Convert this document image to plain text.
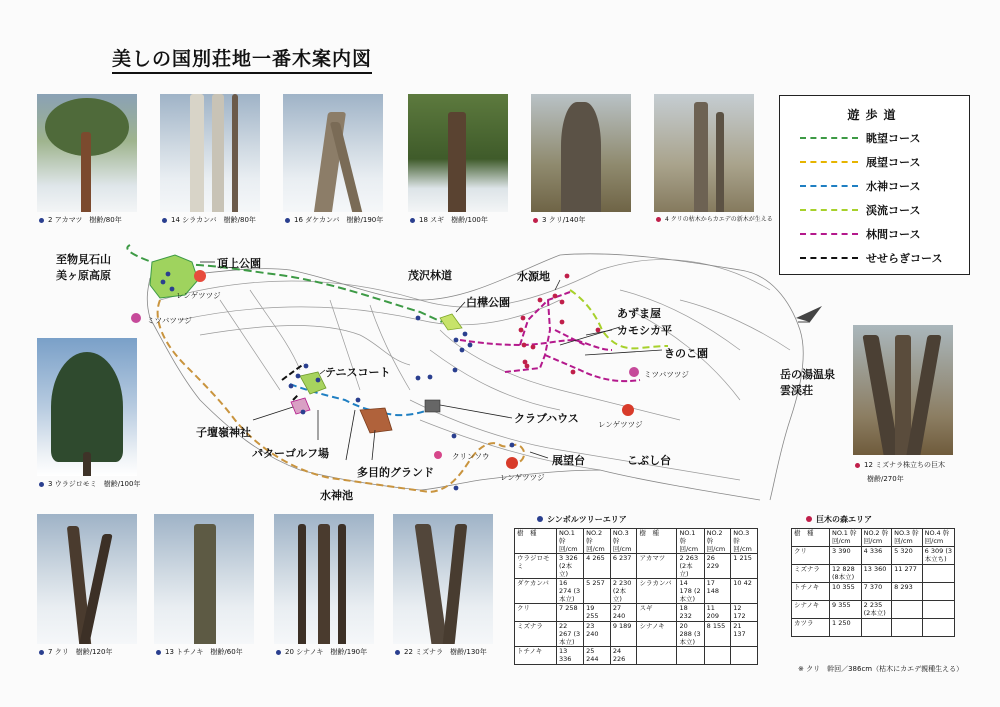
美しの国別荘地一番木案内図
2 アカマツ　樹齢/80年	14 シラカンバ　樹齢/80年	16 ダケカンバ　樹齢/190年	18 スギ　樹齢/100年	3 クリ/140年	4 クリの枯木からカエデの新木が生える
3 ウラジロモミ　樹齢/100年
12 ミズナラ株立ちの巨木
樹齢/270年
7 クリ　樹齢/120年	13 トチノキ　樹齢/60年	20 シナノキ　樹齢/190年	22 ミズナラ　樹齢/130年
遊歩道
眺望コース
展望コース
水神コース
渓流コース
林間コース
せせらぎコース
至物見石山
美ヶ原高原
頂上公園
茂沢林道
白樺公園
水源地
あずま屋
カモシカ平
きのこ園
テニスコート
子壇嶺神社
パターゴルフ場
多目的グランド
水神池
クラブハウス
展望台	こぶし台
岳の湯温泉
雲渓荘
レンゲツツジ
ミツバツツジ
レンゲツツジ
レンゲツツジ
ミツバツツジ
クリンソウ
シンボルツリーエリア
樹　種	NO.1 幹回/cm	NO.2 幹回/cm	NO.3 幹回/cm	樹　種	NO.1 幹回/cm	NO.2 幹回/cm	NO.3 幹回/cm
ウラジロモミ	3 326 (2本立)	4 265	6 237	アカマツ	2 263 (2本立)	26 229	1 215
ダケカンバ	16 274 (3本立)	5 257	2 230 (2本立)	シラカンバ	14 178 (2本立)	17 148	10 42
クリ	7 258	19 255	27 240	スギ	18 232	11 209	12 172
ミズナラ	22 267 (3本立)	23 240	9 189	シナノキ	20 288 (3本立)	8 155	21 137
トチノキ	13 336	25 244	24 226				
巨木の森エリア
樹　種	NO.1 幹回/cm	NO.2 幹回/cm	NO.3 幹回/cm	NO.4 幹回/cm
クリ	3 390	4 336	5 320	6 309 (3本立ち)
ミズナラ	12 828 (8本立)	13 360	11 277	
トチノキ	10 355	7 370	8 293	
シナノキ	9 355	2 235 (2本立)		
カツラ	1 250			
※ クリ　幹回／386cm（枯木にカエデ親種生える）
